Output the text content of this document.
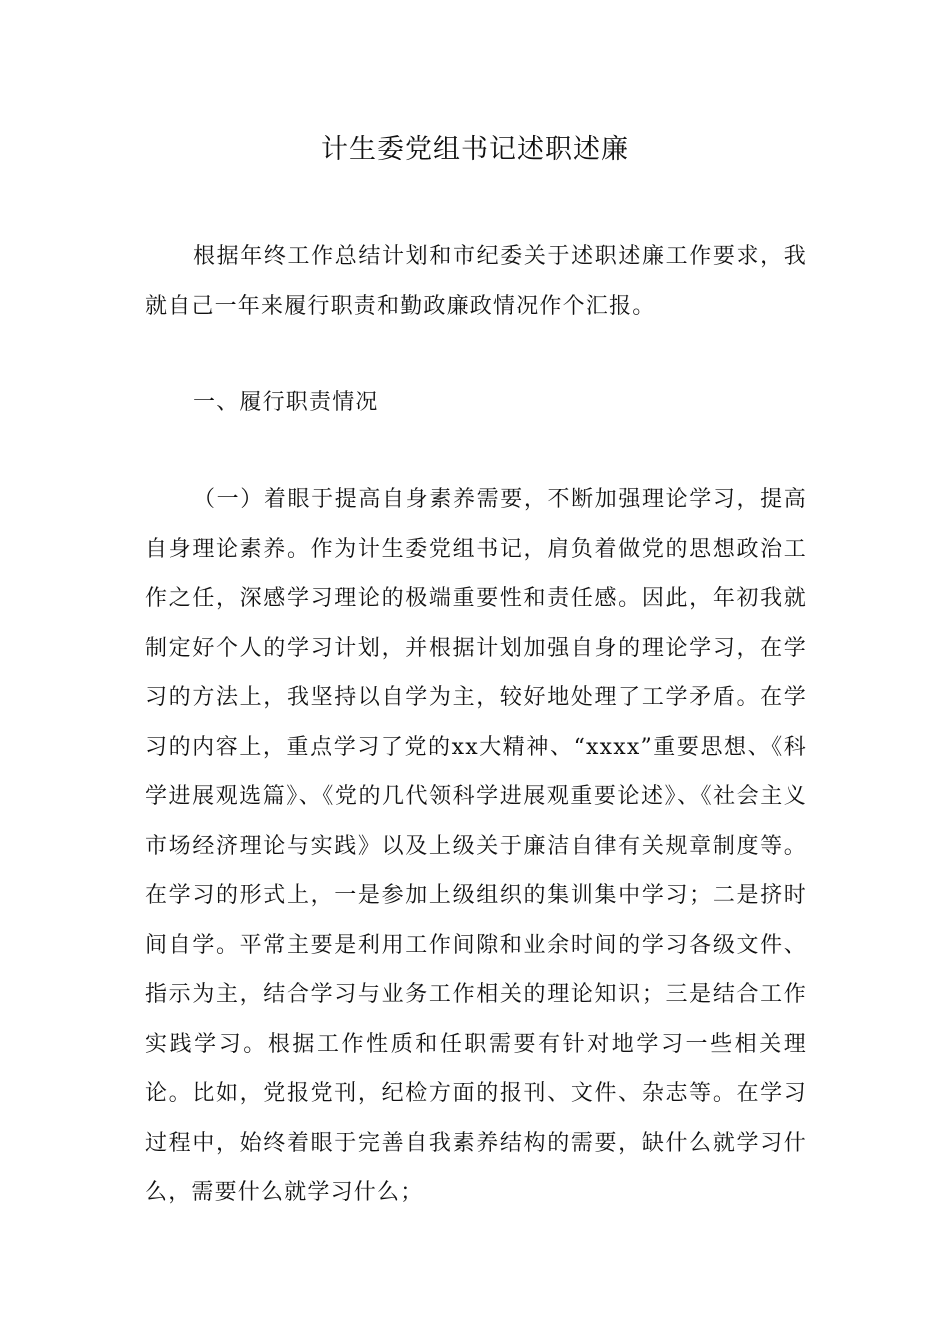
计生委党组书记述职述廉

根据年终工作总结计划和市纪委关于述职述廉工作要求，我就自己一年来履行职责和勤政廉政情况作个汇报。

一、履行职责情况

（一）着眼于提高自身素养需要，不断加强理论学习，提高自身理论素养。作为计生委党组书记，肩负着做党的思想政治工作之任，深感学习理论的极端重要性和责任感。因此，年初我就制定好个人的学习计划，并根据计划加强自身的理论学习，在学习的方法上，我坚持以自学为主，较好地处理了工学矛盾。在学习的内容上，重点学习了党的xx大精神、“xxxx”重要思想、《科学进展观选篇》、《党的几代领科学进展观重要论述》、《社会主义市场经济理论与实践》以及上级关于廉洁自律有关规章制度等。在学习的形式上，一是参加上级组织的集训集中学习；二是挤时间自学。平常主要是利用工作间隙和业余时间的学习各级文件、指示为主，结合学习与业务工作相关的理论知识；三是结合工作实践学习。根据工作性质和任职需要有针对地学习一些相关理论。比如，党报党刊，纪检方面的报刊、文件、杂志等。在学习过程中，始终着眼于完善自我素养结构的需要，缺什么就学习什么，需要什么就学习什么；
